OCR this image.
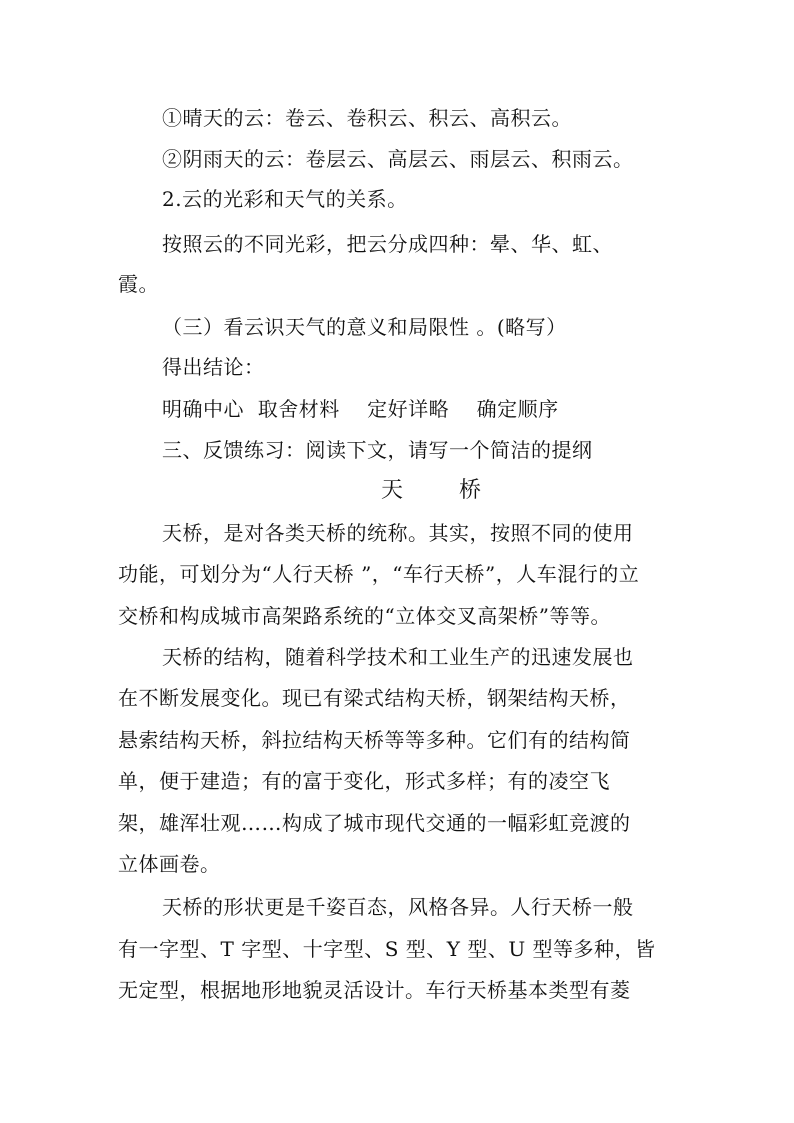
①晴天的云：卷云、卷积云、积云、高积云。
②阴雨天的云：卷层云、高层云、雨层云、积雨云。
2.云的光彩和天气的关系。
按照云的不同光彩，把云分成四种：晕、华、虹、
霞。
（三）看云识天气的意义和局限性 。(略写）
得出结论：
明确中心  取舍材料    定好详略    确定顺序
三、反馈练习：阅读下文，请写一个简洁的提纲
天      桥
天桥，是对各类天桥的统称。其实，按照不同的使用
功能，可划分为“人行天桥 ”，“车行天桥”，人车混行的立
交桥和构成城市高架路系统的“立体交叉高架桥”等等。
天桥的结构，随着科学技术和工业生产的迅速发展也
在不断发展变化。现已有梁式结构天桥，钢架结构天桥，
悬索结构天桥，斜拉结构天桥等等多种。它们有的结构简
单，便于建造；有的富于变化，形式多样；有的凌空飞
架，雄浑壮观……构成了城市现代交通的一幅彩虹竞渡的
立体画卷。
天桥的形状更是千姿百态，风格各异。人行天桥一般
有一字型、T 字型、十字型、S 型、Y 型、U 型等多种，皆
无定型，根据地形地貌灵活设计。车行天桥基本类型有菱
